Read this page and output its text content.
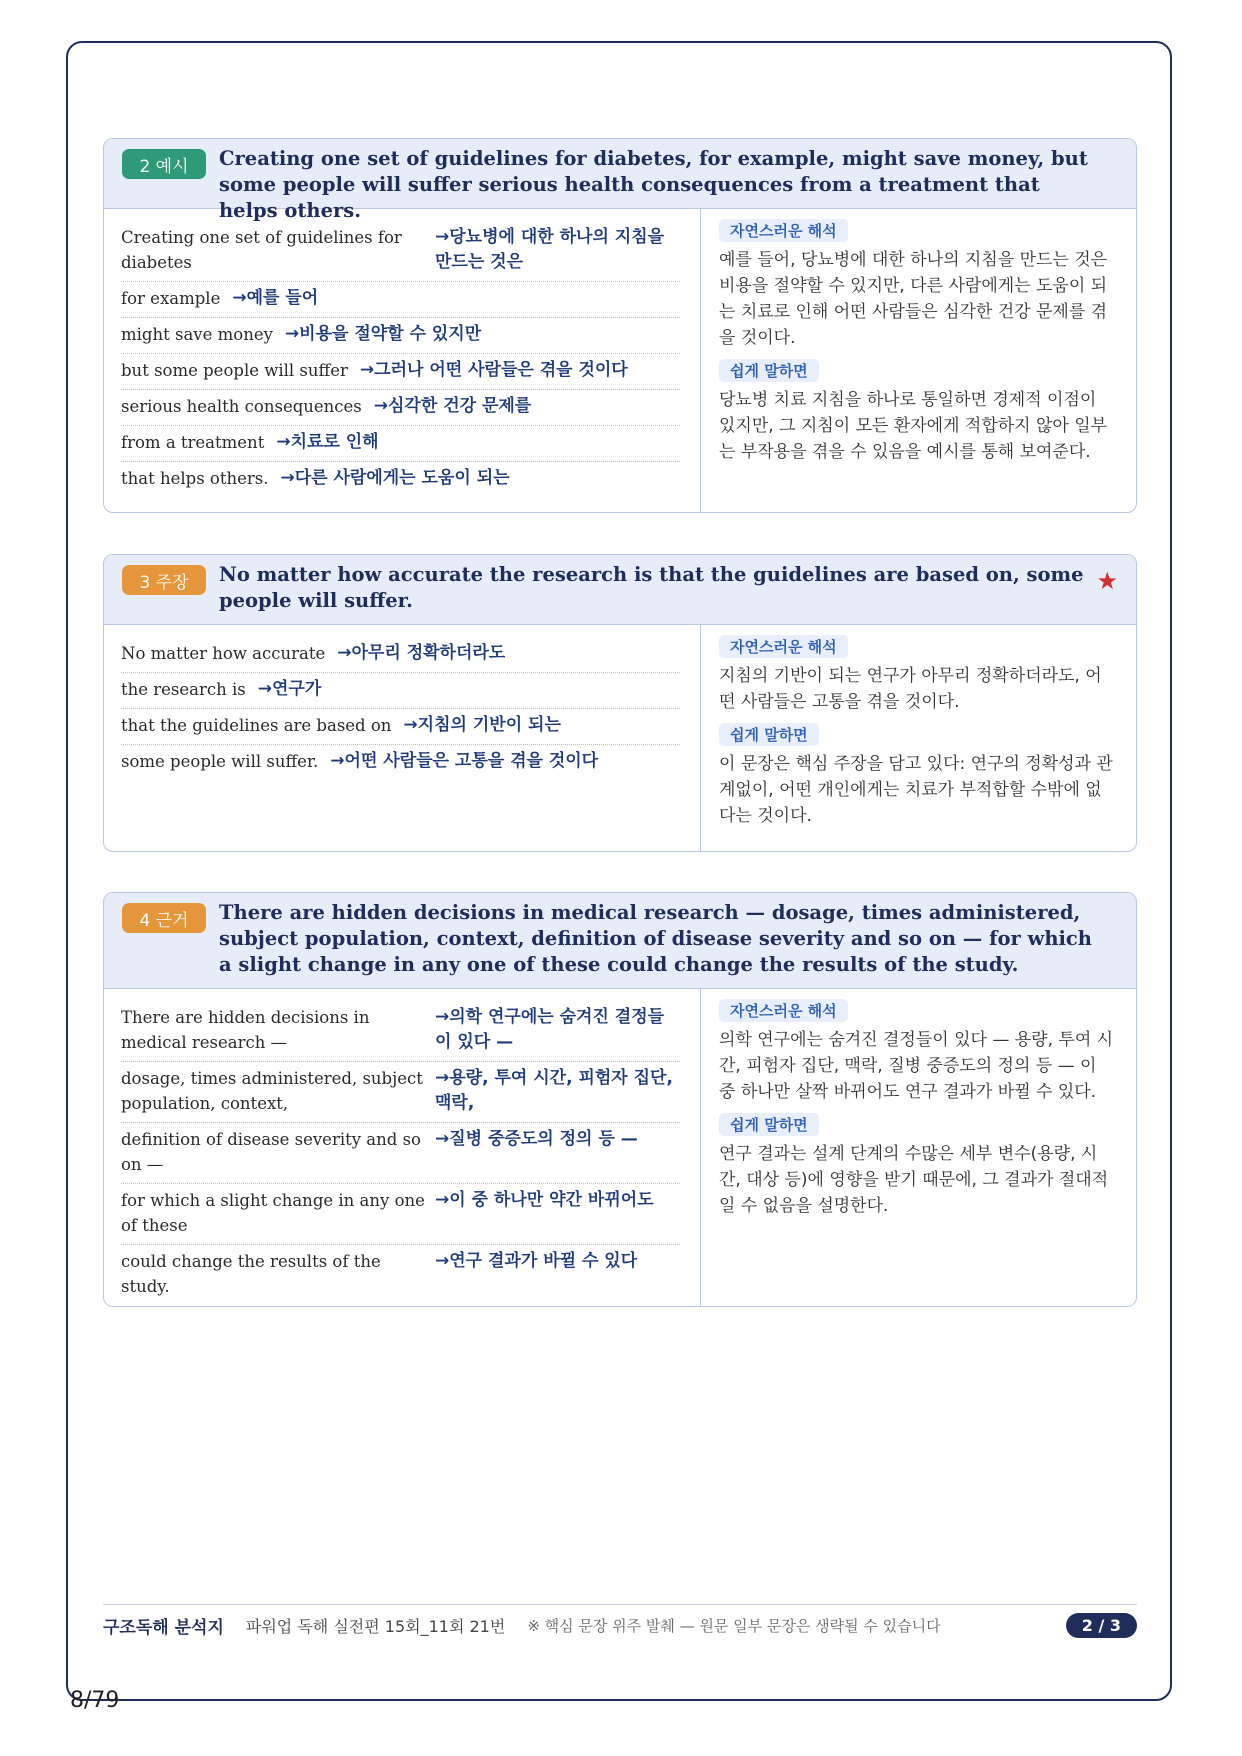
2 예시	Creating one set of guidelines for diabetes, for example, might save money, but some people will suffer serious health consequences from a treatment that helps others.
Creating one set of guidelines for diabetes
→당뇨병에 대한 하나의 지침을 만드는 것은
for example →예를 들어
might save money →비용을 절약할 수 있지만
but some people will suffer →그러나 어떤 사람들은 겪을 것이다
serious health consequences →심각한 건강 문제를
from a treatment →치료로 인해
that helps others. →다른 사람에게는 도움이 되는
자연스러운 해석
예를 들어, 당뇨병에 대한 하나의 지침을 만드는 것은 비용을 절약할 수 있지만, 다른 사람에게는 도움이 되는 치료로 인해 어떤 사람들은 심각한 건강 문제를 겪을 것이다.
쉽게 말하면
당뇨병 치료 지침을 하나로 통일하면 경제적 이점이 있지만, 그 지침이 모든 환자에게 적합하지 않아 일부는 부작용을 겪을 수 있음을 예시를 통해 보여준다.
3 주장	No matter how accurate the research is that the guidelines are based on, some people will suffer.
★
No matter how accurate →아무리 정확하더라도
the research is →연구가
that the guidelines are based on →지침의 기반이 되는
some people will suffer. →어떤 사람들은 고통을 겪을 것이다
자연스러운 해석
지침의 기반이 되는 연구가 아무리 정확하더라도, 어떤 사람들은 고통을 겪을 것이다.
쉽게 말하면
이 문장은 핵심 주장을 담고 있다: 연구의 정확성과 관계없이, 어떤 개인에게는 치료가 부적합할 수밖에 없다는 것이다.
4 근거	There are hidden decisions in medical research — dosage, times administered, subject population, context, definition of disease severity and so on — for which a slight change in any one of these could change the results of the study.
There are hidden decisions in medical research —
→의학 연구에는 숨겨진 결정들이 있다 —
dosage, times administered, subject population, context,
→용량, 투여 시간, 피험자 집단, 맥락,
definition of disease severity and so on —
→질병 중증도의 정의 등 —
for which a slight change in any one of these
→이 중 하나만 약간 바뀌어도
could change the results of the study.
→연구 결과가 바뀔 수 있다
자연스러운 해석
의학 연구에는 숨겨진 결정들이 있다 — 용량, 투여 시간, 피험자 집단, 맥락, 질병 중증도의 정의 등 — 이 중 하나만 살짝 바뀌어도 연구 결과가 바뀔 수 있다.
쉽게 말하면
연구 결과는 설계 단계의 수많은 세부 변수(용량, 시간, 대상 등)에 영향을 받기 때문에, 그 결과가 절대적일 수 없음을 설명한다.
구조독해 분석지 파워업 독해 실전편 15회_11회 21번 ※ 핵심 문장 위주 발췌 — 원문 일부 문장은 생략될 수 있습니다	2 / 3
8/79
